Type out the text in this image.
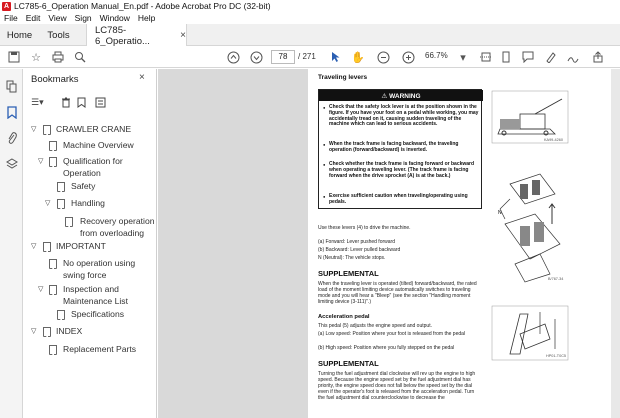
A LC785-6_Operation Manual_En.pdf - Adobe Acrobat Pro DC (32-bit)
File Edit View Sign Window Help
Home	Tools	LC785-6_Operatio...	×
☆	78	/ 271	✋	66.7%	▾
Bookmarks	×
☰▾
▽ CRAWLER CRANE
Machine Overview
▽ Qualification for Operation
Safety
▽ Handling
Recovery operation from overloading
▽ IMPORTANT
No operation using swing force
▽ Inspection and Maintenance List
Specifications
▽ INDEX
Replacement Parts
Traveling levers
⚠ WARNING
● Check that the safety lock lever is at the position shown in the figure. If you have your foot on a pedal while working, you may accidentally tread on it, causing sudden traveling of the machine which can lead to serious accidents.
● When the track frame is facing backward, the traveling operation (forward/backward) is inverted.
● Check whether the track frame is facing forward or backward when operating a traveling lever. (The track frame is facing forward when the drive sprocket (A) is at the back.)
● Exercise sufficient caution when traveling/operating using pedals.
Use these levers (4) to drive the machine.
(a) Forward: Lever pushed forward
(b) Backward: Lever pulled backward
N (Neutral): The vehicle stops.
SUPPLEMENTAL
When the traveling lever is operated (tilted) forward/backward, the rated load of the moment limiting device automatically switches to traveling mode and you will hear a "Bleep" (see the section "Handling moment limiting device (3-111)".)
Acceleration pedal
This pedal (5) adjusts the engine speed and output.
(a) Low speed: Position where your foot is released from the pedal
(b) High speed: Position where you fully stepped on the pedal
SUPPLEMENTAL
Turning the fuel adjustment dial clockwise will rev up the engine to high speed. Because the engine speed set by the fuel adjustment dial has priority, the engine speed does not fall below the speed set by the dial even if the operator's foot is released from the acceleration pedal. Turn the fuel adjustment dial counterclockwise to decrease the
KA99-4260
N
B/767-34
HP01-T0C5
